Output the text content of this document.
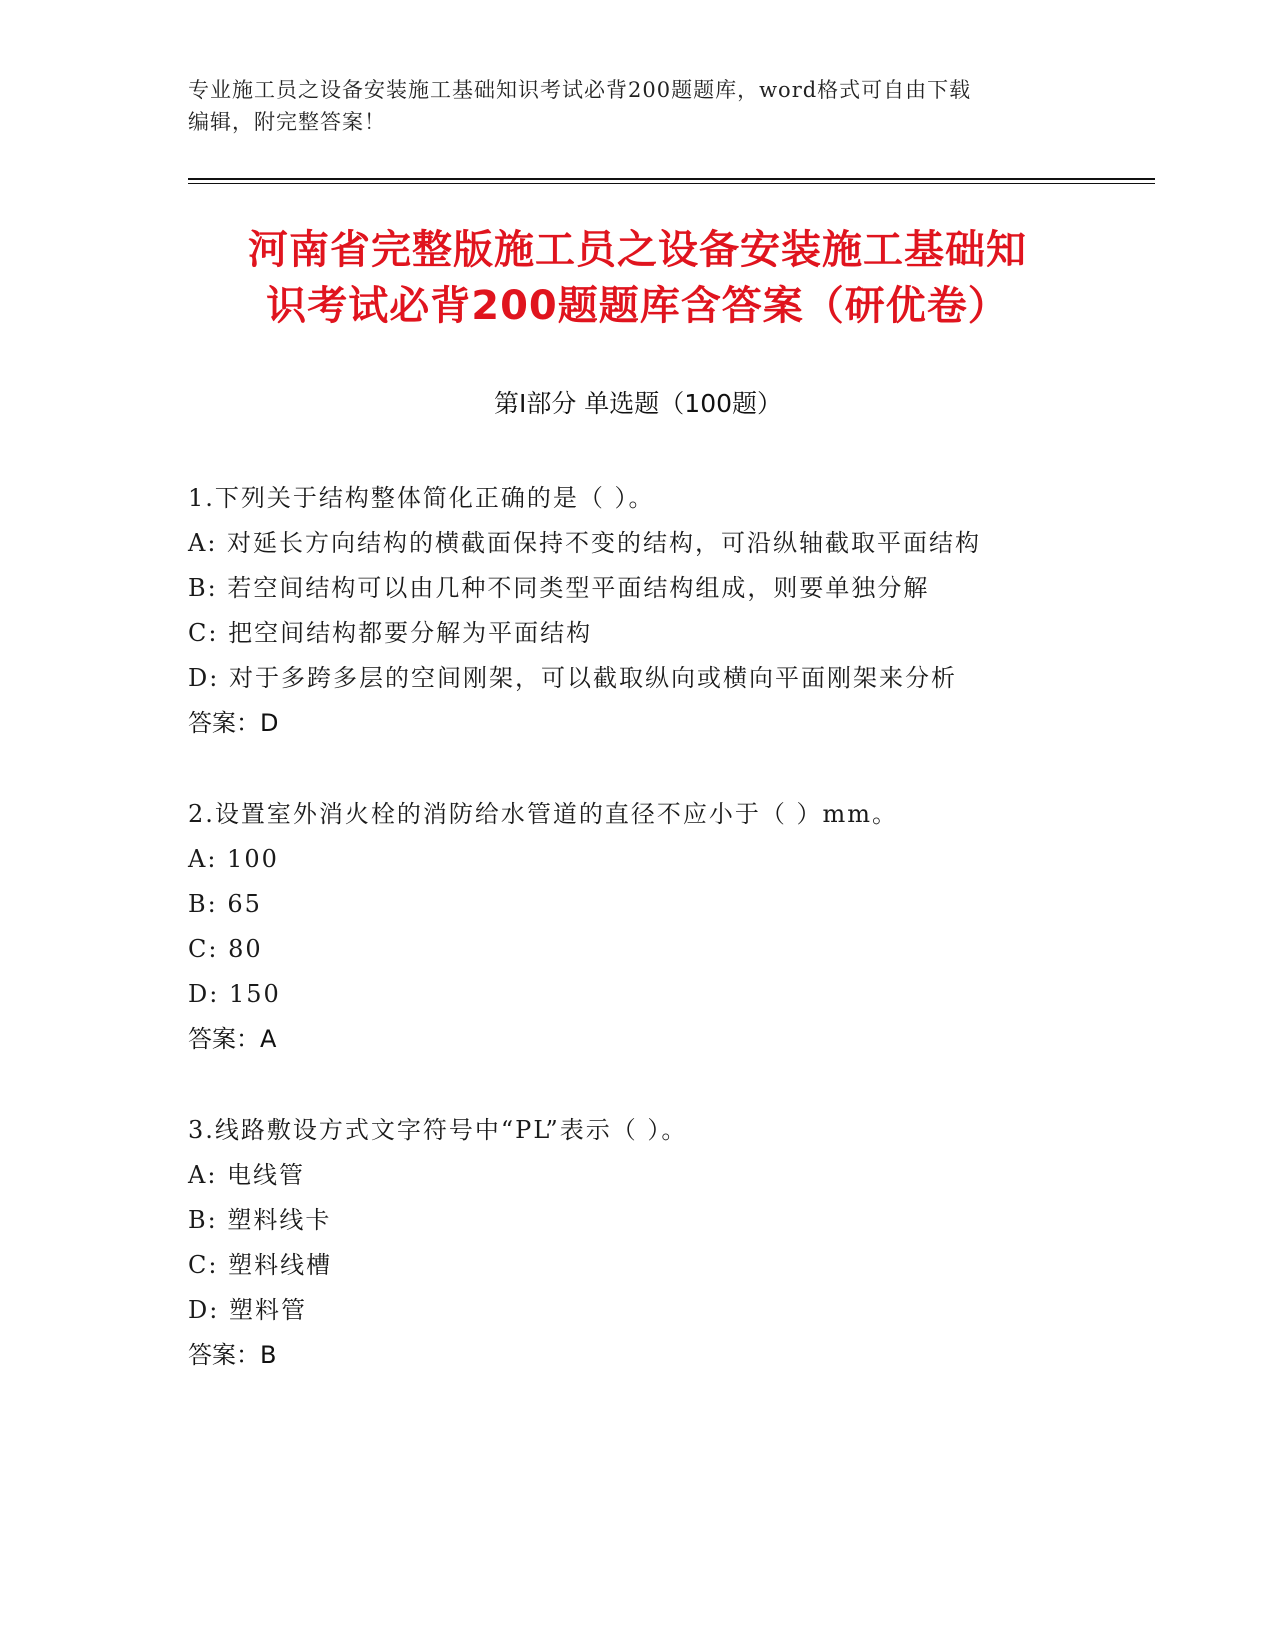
专业施工员之设备安装施工基础知识考试必背200题题库，word格式可自由下载
编辑，附完整答案！
河南省完整版施工员之设备安装施工基础知
识考试必背200题题库含答案（研优卷）
第Ⅰ部分 单选题（100题）
1.下列关于结构整体简化正确的是（ ）。
A: 对延长方向结构的横截面保持不变的结构，可沿纵轴截取平面结构
B: 若空间结构可以由几种不同类型平面结构组成，则要单独分解
C: 把空间结构都要分解为平面结构
D: 对于多跨多层的空间刚架，可以截取纵向或横向平面刚架来分析
答案：D
2.设置室外消火栓的消防给水管道的直径不应小于（ ）mm。
A: 100
B: 65
C: 80
D: 150
答案：A
3.线路敷设方式文字符号中“PL”表示（ ）。
A: 电线管
B: 塑料线卡
C: 塑料线槽
D: 塑料管
答案：B
